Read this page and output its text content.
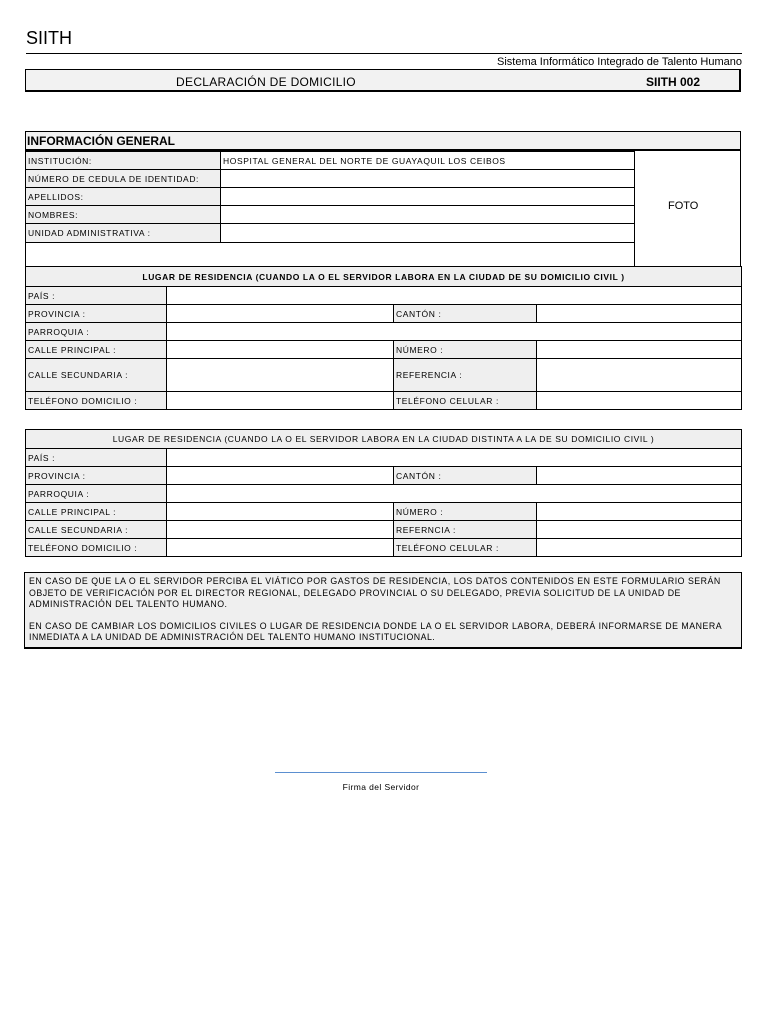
SIITH
Sistema Informático Integrado de Talento Humano
DECLARACIÓN DE DOMICILIO	SIITH 002
INFORMACIÓN GENERAL
INSTITUCIÓN:	HOSPITAL GENERAL DEL NORTE DE GUAYAQUIL LOS CEIBOS
NÚMERO DE CEDULA DE IDENTIDAD:	
APELLIDOS:	
NOMBRES:	
UNIDAD ADMINISTRATIVA :	

FOTO
LUGAR DE RESIDENCIA (CUANDO LA O EL SERVIDOR LABORA EN LA CIUDAD DE SU DOMICILIO CIVIL )			
PAÍS :			
PROVINCIA :		CANTÓN :	
PARROQUIA :			
CALLE PRINCIPAL :		NÚMERO :	
CALLE SECUNDARIA :		REFERENCIA :	
TELÉFONO DOMICILIO :		TELÉFONO CELULAR :	
LUGAR DE RESIDENCIA (CUANDO LA O EL SERVIDOR LABORA EN LA CIUDAD DISTINTA A LA DE SU DOMICILIO CIVIL )			
PAÍS :			
PROVINCIA :		CANTÓN :	
PARROQUIA :			
CALLE PRINCIPAL :		NÚMERO :	
CALLE SECUNDARIA :		REFERNCIA :	
TELÉFONO DOMICILIO :		TELÉFONO CELULAR :	

EN CASO DE QUE LA O EL SERVIDOR PERCIBA EL VIÁTICO POR GASTOS DE RESIDENCIA, LOS DATOS CONTENIDOS EN ESTE FORMULARIO SERÁN OBJETO DE VERIFICACIÓN POR EL DIRECTOR REGIONAL, DELEGADO PROVINCIAL O SU DELEGADO, PREVIA SOLICITUD DE LA UNIDAD DE ADMINISTRACIÓN DEL TALENTO HUMANO.

EN CASO DE CAMBIAR LOS DOMICILIOS CIVILES O LUGAR DE RESIDENCIA DONDE LA O EL SERVIDOR LABORA, DEBERÁ INFORMARSE DE MANERA INMEDIATA A LA UNIDAD DE ADMINISTRACIÓN DEL TALENTO HUMANO INSTITUCIONAL.

Firma del Servidor
